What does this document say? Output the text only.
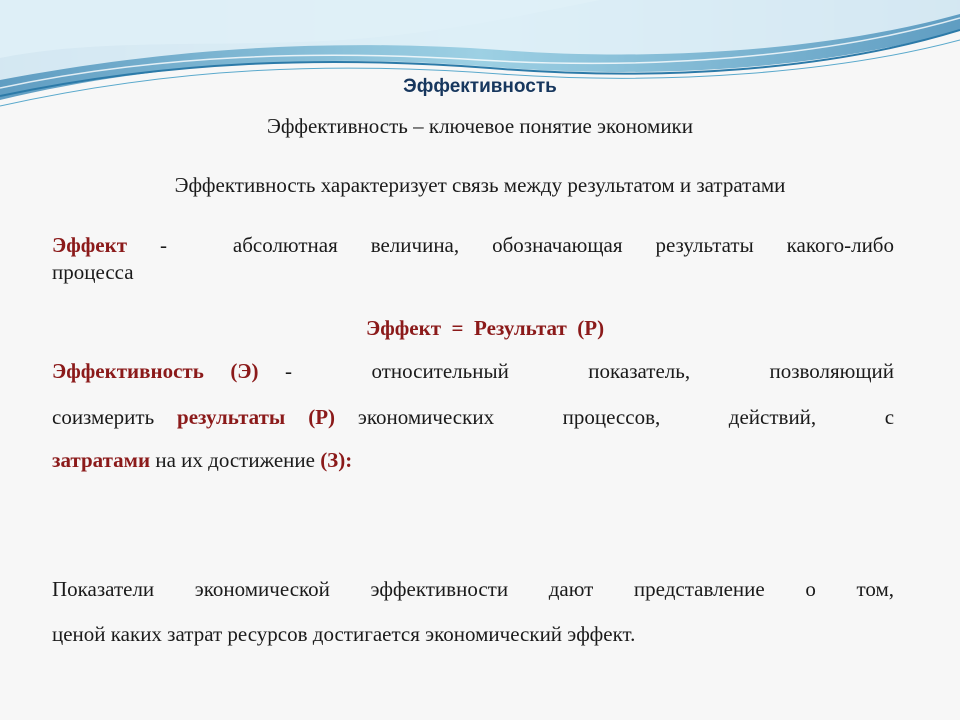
Эффективность
Эффективность – ключевое понятие экономики
Эффективность характеризует связь между результатом и затратами
Эффект -  абсолютная величина, обозначающая результаты какого-либо
процесса
Эффект  =  Результат  (Р)
Эффективность (Э) -   относительный   показатель,   позволяющий
соизмерить результаты (Р) экономических   процессов,   действий,   с
затратами на их достижение (З):
Показатели экономической эффективности дают представление о том,
ценой каких затрат ресурсов достигается экономический эффект.
